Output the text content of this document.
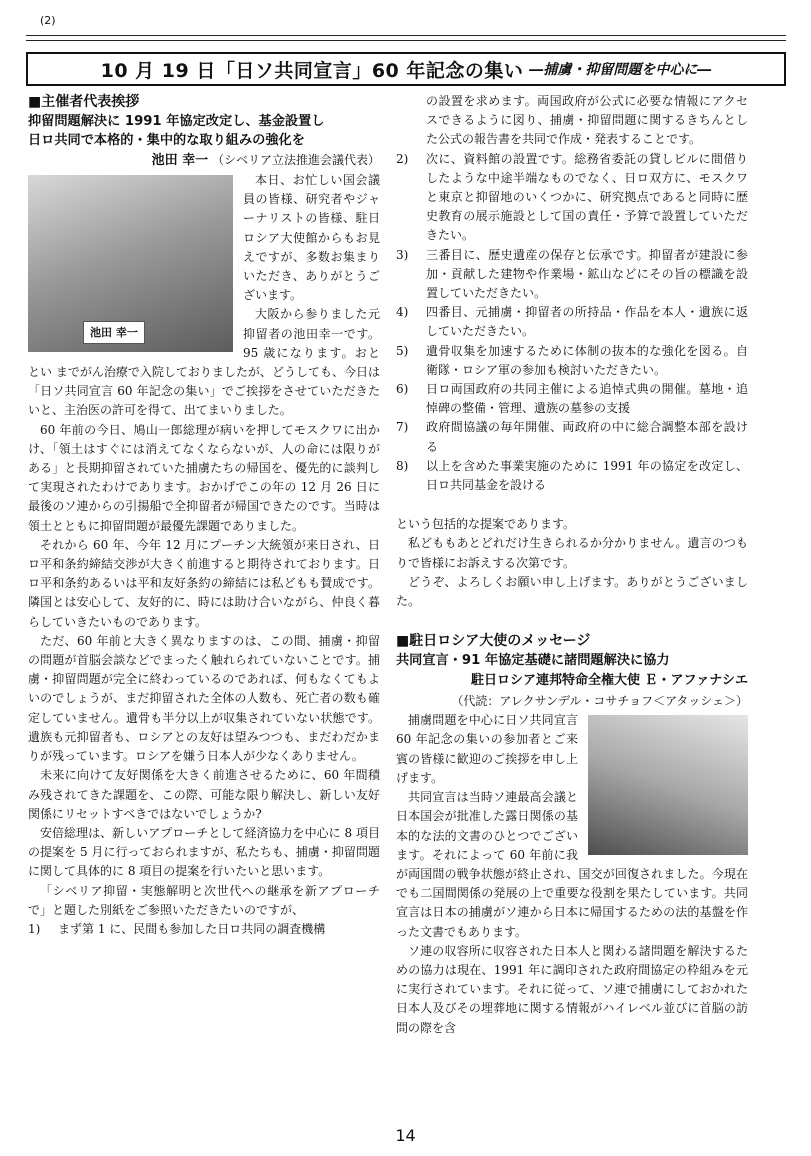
(2)
10 月 19 日「日ソ共同宣言」60 年記念の集い ―捕虜・抑留問題を中心に―
■主催者代表挨拶
抑留問題解決に 1991 年協定改定し、基金設置し
日ロ共同で本格的・集中的な取り組みの強化を
池田 幸一 （シベリア立法推進会議代表）
池田 幸一

本日、お忙しい国会議員の皆様、研究者やジャーナリストの皆様、駐日ロシア大使館からもお見えですが、多数お集まりいただき、ありがとうございます。

大阪から参りました元抑留者の池田幸一です。95 歳になります。おととい までがん治療で入院しておりましたが、どうしても、今日は「日ソ共同宣言 60 年記念の集い」でご挨拶をさせていただきたいと、主治医の許可を得て、出てまいりました。

60 年前の今日、鳩山一郎総理が病いを押してモスクワに出かけ、「領土はすぐには消えてなくならないが、人の命には限りがある」と長期抑留されていた捕虜たちの帰国を、優先的に談判して実現されたわけであります。おかげでこの年の 12 月 26 日に最後のソ連からの引揚船で全抑留者が帰国できたのです。当時は領土とともに抑留問題が最優先課題でありました。

それから 60 年、今年 12 月にプーチン大統領が来日され、日ロ平和条約締結交渉が大きく前進すると期待されております。日ロ平和条約あるいは平和友好条約の締結には私どもも賛成です。隣国とは安心して、友好的に、時には助け合いながら、仲良く暮らしていきたいものであります。

ただ、60 年前と大きく異なりますのは、この間、捕虜・抑留の問題が首脳会談などでまったく触れられていないことです。捕虜・抑留問題が完全に終わっているのであれば、何もなくてもよいのでしょうが、まだ抑留された全体の人数も、死亡者の数も確定していません。遺骨も半分以上が収集されていない状態です。遺族も元抑留者も、ロシアとの友好は望みつつも、まだわだかまりが残っています。ロシアを嫌う日本人が少なくありません。

未来に向けて友好関係を大きく前進させるために、60 年間積み残されてきた課題を、この際、可能な限り解決し、新しい友好関係にリセットすべきではないでしょうか?

安倍総理は、新しいアプローチとして経済協力を中心に 8 項目の提案を 5 月に行っておられますが、私たちも、捕虜・抑留問題に関して具体的に 8 項目の提案を行いたいと思います。

「シベリア抑留・実態解明と次世代への継承を新アプローチで」と題した別紙をご参照いただきたいのですが、

1)	まず第 1 に、民間も参加した日ロ共同の調査機構

の設置を求めます。両国政府が公式に必要な情報にアクセスできるように図り、捕虜・抑留問題に関するきちんとした公式の報告書を共同で作成・発表することです。

2)	次に、資料館の設置です。総務省委託の貸しビルに間借りしたような中途半端なものでなく、日ロ双方に、モスクワと東京と抑留地のいくつかに、研究拠点であると同時に歴史教育の展示施設として国の責任・予算で設置していただきたい。
3)	三番目に、歴史遺産の保存と伝承です。抑留者が建設に参加・貢献した建物や作業場・鉱山などにその旨の標識を設置していただきたい。
4)	四番目、元捕虜・抑留者の所持品・作品を本人・遺族に返していただきたい。
5)	遺骨収集を加速するために体制の抜本的な強化を図る。自衛隊・ロシア軍の参加も検討いただきたい。
6)	日ロ両国政府の共同主催による追悼式典の開催。墓地・追悼碑の整備・管理、遺族の墓参の支援
7)	政府間協議の毎年開催、両政府の中に総合調整本部を設ける
8)	以上を含めた事業実施のために 1991 年の協定を改定し、日ロ共同基金を設ける

という包括的な提案であります。

私どももあとどれだけ生きられるか分かりません。遺言のつもりで皆様にお訴えする次第です。

どうぞ、よろしくお願い申し上げます。ありがとうございました。

■駐日ロシア大使のメッセージ
共同宣言・91 年協定基礎に諸問題解決に協力
駐日ロシア連邦特命全権大使 Ｅ・アファナシエ
（代読：アレクサンデル・コサチョフ＜アタッシェ＞）

捕虜問題を中心に日ソ共同宣言 60 年記念の集いの参加者とご来賓の皆様に歓迎のご挨拶を申し上げます。

共同宣言は当時ソ連最高会議と日本国会が批准した露日関係の基本的な法的文書のひとつでございます。それによって 60 年前に我が両国間の戦争状態が終止され、国交が回復されました。今現在でも二国間関係の発展の上で重要な役割を果たしています。共同宣言は日本の捕虜がソ連から日本に帰国するための法的基盤を作った文書でもあります。

ソ連の収容所に収容された日本人と関わる諸問題を解決するための協力は現在、1991 年に調印された政府間協定の枠組みを元に実行されています。それに従って、ソ連で捕虜にしておかれた日本人及びその埋葬地に関する情報がハイレベル並びに首脳の訪問の際を含

14
